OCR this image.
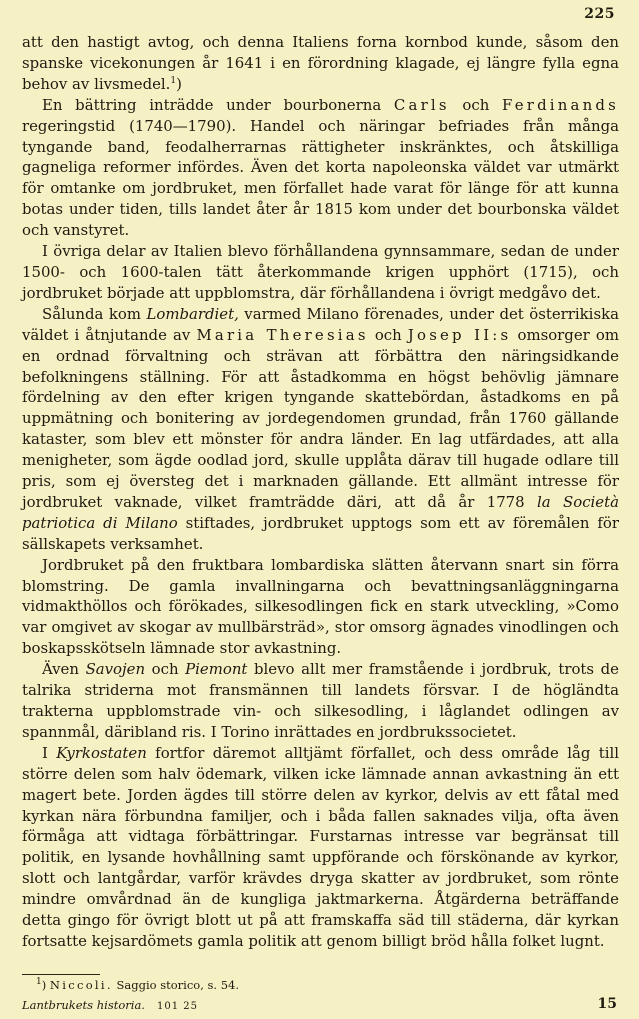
225

att den hastigt avtog, och denna Italiens forna kornbod kunde, såsom den spanske vicekonungen år 1641 i en förordning klagade, ej längre fylla egna behov av livsmedel.$^1$)

En bättring inträdde under bourbonerna Carls och Ferdinands regeringstid (1740—1790). Handel och näringar befriades från många tyngande band, feodalherrarnas rättigheter inskränktes, och åtskilliga gagneliga reformer infördes. Även det korta napoleonska väldet var utmärkt för omtanke om jordbruket, men förfallet hade varat för länge för att kunna botas under tiden, tills landet åter år 1815 kom under det bourbonska väldet och vanstyret.

I övriga delar av Italien blevo förhållandena gynnsammare, sedan de under 1500- och 1600-talen tätt återkommande krigen upphört (1715), och jordbruket började att uppblomstra, där förhållandena i övrigt medgåvo det.

Sålunda kom Lombardiet, varmed Milano förenades, under det österrikiska väldet i åtnjutande av Maria Theresias och Josep II:s omsorger om en ordnad förvaltning och strävan att förbättra den näringsidkande befolkningens ställning. För att åstadkomma en högst behövlig jämnare fördelning av den efter krigen tyngande skattebördan, åstadkoms en på uppmätning och bonitering av jordegendomen grundad, från 1760 gällande kataster, som blev ett mönster för andra länder. En lag utfärdades, att alla menigheter, som ägde oodlad jord, skulle upplåta därav till hugade odlare till pris, som ej översteg det i marknaden gällande. Ett allmänt intresse för jordbruket vaknade, vilket framträdde däri, att då år 1778 la Società patriotica di Milano stiftades, jordbruket upptogs som ett av föremålen för sällskapets verksamhet.

Jordbruket på den fruktbara lombardiska slätten återvann snart sin förra blomstring. De gamla invallningarna och bevattningsanläggningarna vidmakthöllos och förökades, silkesodlingen fick en stark utveckling, »Como var omgivet av skogar av mullbärsträd», stor omsorg ägnades vinodlingen och boskapsskötseln lämnade stor avkastning.

Även Savojen och Piemont blevo allt mer framstående i jordbruk, trots de talrika striderna mot fransmännen till landets försvar. I de högländta trakterna uppblomstrade vin- och silkesodling, i låglandet odlingen av spannmål, däribland ris. I Torino inrättades en jordbrukssocietet.

I Kyrkostaten fortfor däremot alltjämt förfallet, och dess område låg till större delen som halv ödemark, vilken icke lämnade annan avkastning än ett magert bete. Jorden ägdes till större delen av kyrkor, delvis av ett fåtal med kyrkan nära förbundna familjer, och i båda fallen saknades vilja, ofta även förmåga att vidtaga förbättringar. Furstarnas intresse var begränsat till politik, en lysande hovhållning samt uppförande och förskönande av kyrkor, slott och lantgårdar, varför krävdes dryga skatter av jordbruket, som rönte mindre omvårdnad än de kungliga jaktmarkerna. Åtgärderna beträffande detta gingo för övrigt blott ut på att framskaffa säd till städerna, där kyrkan fortsatte kejsardömets gamla politik att genom billigt bröd hålla folket lugnt.

$^1$) Niccoli. Saggio storico, s. 54.
Lantbrukets historia. 101 25	15
